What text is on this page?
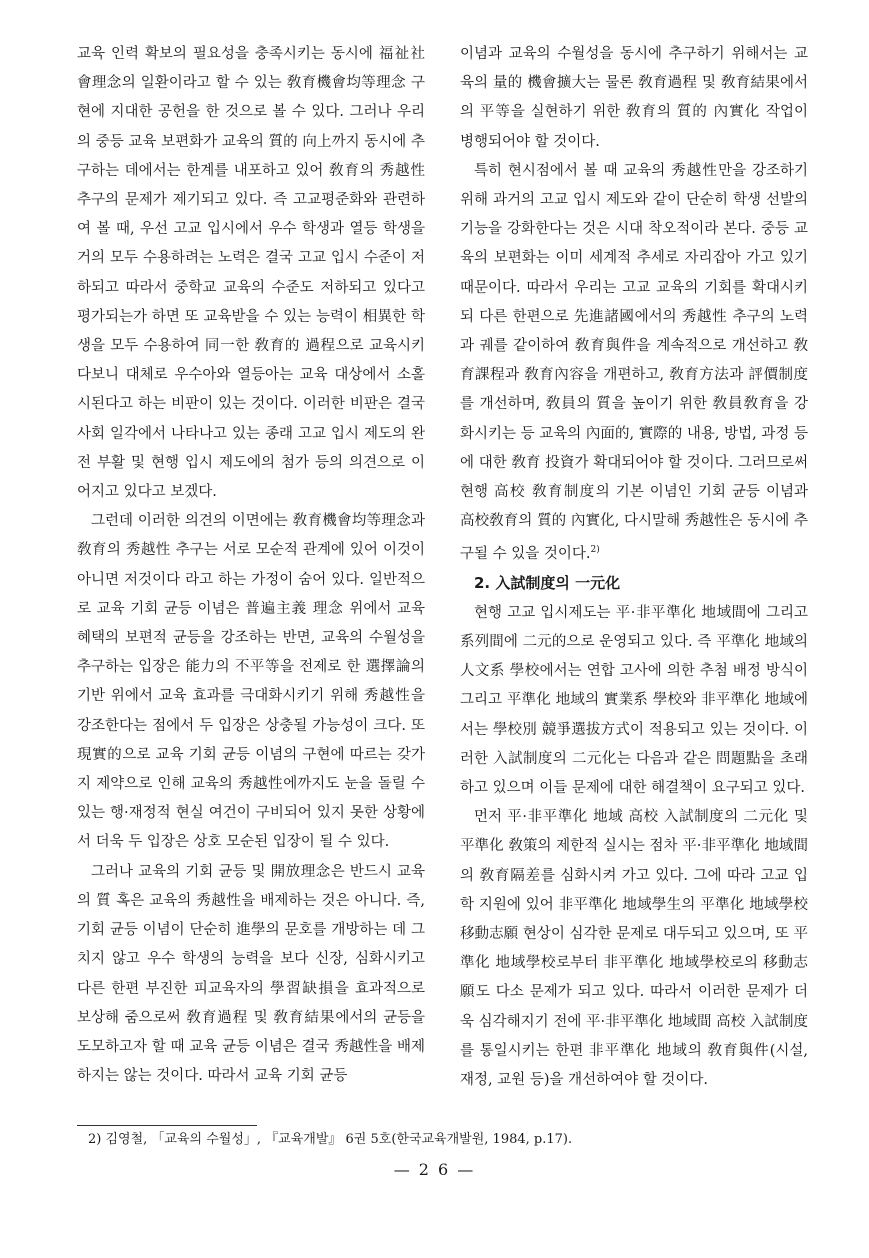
교육 인력 확보의 필요성을 충족시키는 동시에 福祉社會理念의 일환이라고 할 수 있는 敎育機會均等理念 구현에 지대한 공헌을 한 것으로 볼 수 있다. 그러나 우리의 중등 교육 보편화가 교육의 質的 向上까지 동시에 추구하는 데에서는 한계를 내포하고 있어 敎育의 秀越性 추구의 문제가 제기되고 있다. 즉 고교평준화와 관련하여 볼 때, 우선 고교 입시에서 우수 학생과 열등 학생을 거의 모두 수용하려는 노력은 결국 고교 입시 수준이 저하되고 따라서 중학교 교육의 수준도 저하되고 있다고 평가되는가 하면 또 교육받을 수 있는 능력이 相異한 학생을 모두 수용하여 同一한 敎育的 過程으로 교육시키다보니 대체로 우수아와 열등아는 교육 대상에서 소홀시된다고 하는 비판이 있는 것이다. 이러한 비판은 결국 사회 일각에서 나타나고 있는 종래 고교 입시 제도의 완전 부활 및 현행 입시 제도에의 첨가 등의 의견으로 이어지고 있다고 보겠다.

그런데 이러한 의견의 이면에는 敎育機會均等理念과 敎育의 秀越性 추구는 서로 모순적 관계에 있어 이것이 아니면 저것이다 라고 하는 가정이 숨어 있다. 일반적으로 교육 기회 균등 이념은 普遍主義 理念 위에서 교육 혜택의 보편적 균등을 강조하는 반면, 교육의 수월성을 추구하는 입장은 能力의 不平等을 전제로 한 選擇論의 기반 위에서 교육 효과를 극대화시키기 위해 秀越性을 강조한다는 점에서 두 입장은 상충될 가능성이 크다. 또 現實的으로 교육 기회 균등 이념의 구현에 따르는 갖가지 제약으로 인해 교육의 秀越性에까지도 눈을 돌릴 수 있는 행·재정적 현실 여건이 구비되어 있지 못한 상황에서 더욱 두 입장은 상호 모순된 입장이 될 수 있다.

그러나 교육의 기회 균등 및 開放理念은 반드시 교육의 質 혹은 교육의 秀越性을 배제하는 것은 아니다. 즉, 기회 균등 이념이 단순히 進學의 문호를 개방하는 데 그치지 않고 우수 학생의 능력을 보다 신장, 심화시키고 다른 한편 부진한 피교육자의 學習缺損을 효과적으로 보상해 줌으로써 敎育過程 및 敎育結果에서의 균등을 도모하고자 할 때 교육 균등 이념은 결국 秀越性을 배제하지는 않는 것이다. 따라서 교육 기회 균등

이념과 교육의 수월성을 동시에 추구하기 위해서는 교육의 量的 機會擴大는 물론 敎育過程 및 敎育結果에서의 平等을 실현하기 위한 敎育의 質的 內實化 작업이 병행되어야 할 것이다.

특히 현시점에서 볼 때 교육의 秀越性만을 강조하기 위해 과거의 고교 입시 제도와 같이 단순히 학생 선발의 기능을 강화한다는 것은 시대 착오적이라 본다. 중등 교육의 보편화는 이미 세계적 추세로 자리잡아 가고 있기 때문이다. 따라서 우리는 고교 교육의 기회를 확대시키되 다른 한편으로 先進諸國에서의 秀越性 추구의 노력과 궤를 같이하여 敎育與件을 계속적으로 개선하고 敎育課程과 敎育內容을 개편하고, 敎育方法과 評價制度를 개선하며, 敎員의 質을 높이기 위한 敎員敎育을 강화시키는 등 교육의 內面的, 實際的 내용, 방법, 과정 등에 대한 敎育 投資가 확대되어야 할 것이다. 그러므로써 현행 高校 敎育制度의 기본 이념인 기회 균등 이념과 高校敎育의 質的 內實化, 다시말해 秀越性은 동시에 추구될 수 있을 것이다.$^{2)}$

2. 入試制度의 一元化

현행 고교 입시제도는 平·非平準化 地域間에 그리고 系列間에 二元的으로 운영되고 있다. 즉 平準化 地域의 人文系 學校에서는 연합 고사에 의한 추첨 배정 방식이 그리고 平準化 地域의 實業系 學校와 非平準化 地域에서는 學校別 競爭選拔方式이 적용되고 있는 것이다. 이러한 入試制度의 二元化는 다음과 같은 問題點을 초래하고 있으며 이들 문제에 대한 해결책이 요구되고 있다.

먼저 平·非平準化 地域 高校 入試制度의 二元化 및 平準化 敎策의 제한적 실시는 점차 平·非平準化 地域間의 敎育隔差를 심화시켜 가고 있다. 그에 따라 고교 입학 지원에 있어 非平準化 地域學生의 平準化 地域學校 移動志願 현상이 심각한 문제로 대두되고 있으며, 또 平準化 地域學校로부터 非平準化 地域學校로의 移動志願도 다소 문제가 되고 있다. 따라서 이러한 문제가 더욱 심각해지기 전에 平·非平準化 地域間 高校 入試制度를 통일시키는 한편 非平準化 地域의 敎育與件(시설, 재정, 교원 등)을 개선하여야 할 것이다.

2) 김영철, 「교육의 수월성」, 『교육개발』 6권 5호(한국교육개발원, 1984, p.17).
— 2 6 —
